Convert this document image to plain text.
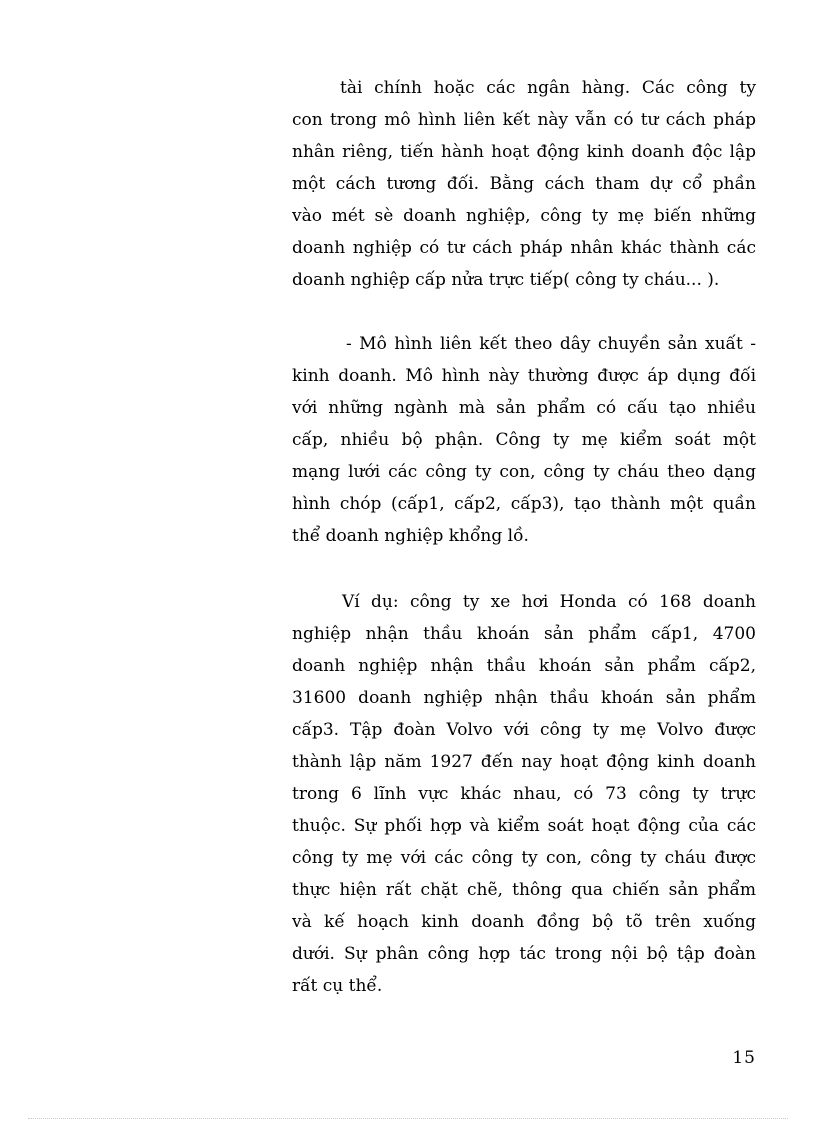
tài chính hoặc các ngân hàng. Các công ty
con trong mô hình liên kết này vẫn có tư cách pháp
nhân riêng, tiến hành hoạt động kinh doanh độc lập
một cách tương đối. Bằng cách tham dự cổ phần
vào mét sè doanh nghiệp, công ty mẹ biến những
doanh nghiệp có tư cách pháp nhân khác thành các
doanh nghiệp cấp nửa trực tiếp( công ty cháu... ).
- Mô hình liên kết theo dây chuyền sản xuất -
kinh doanh. Mô hình này thường được áp dụng đối
với những ngành mà sản phẩm có cấu tạo nhiều
cấp, nhiều bộ phận. Công ty mẹ kiểm soát một
mạng lưới các công ty con, công ty cháu theo dạng
hình chóp (cấp1, cấp2, cấp3), tạo thành một quần
thể doanh nghiệp khổng lồ.
Ví dụ: công ty xe hơi Honda có 168 doanh
nghiệp nhận thầu khoán sản phẩm cấp1, 4700
doanh nghiệp nhận thầu khoán sản phẩm cấp2,
31600 doanh nghiệp nhận thầu khoán sản phẩm
cấp3. Tập đoàn Volvo với công ty mẹ Volvo được
thành lập năm 1927 đến nay hoạt động kinh doanh
trong 6 lĩnh vực khác nhau, có 73 công ty trực
thuộc. Sự phối hợp và kiểm soát hoạt động của các
công ty mẹ với các công ty con, công ty cháu được
thực hiện rất chặt chẽ, thông qua chiến sản phẩm
và kế hoạch kinh doanh đồng bộ tõ trên xuống
dưới. Sự phân công hợp tác trong nội bộ tập đoàn
rất cụ thể.
15
